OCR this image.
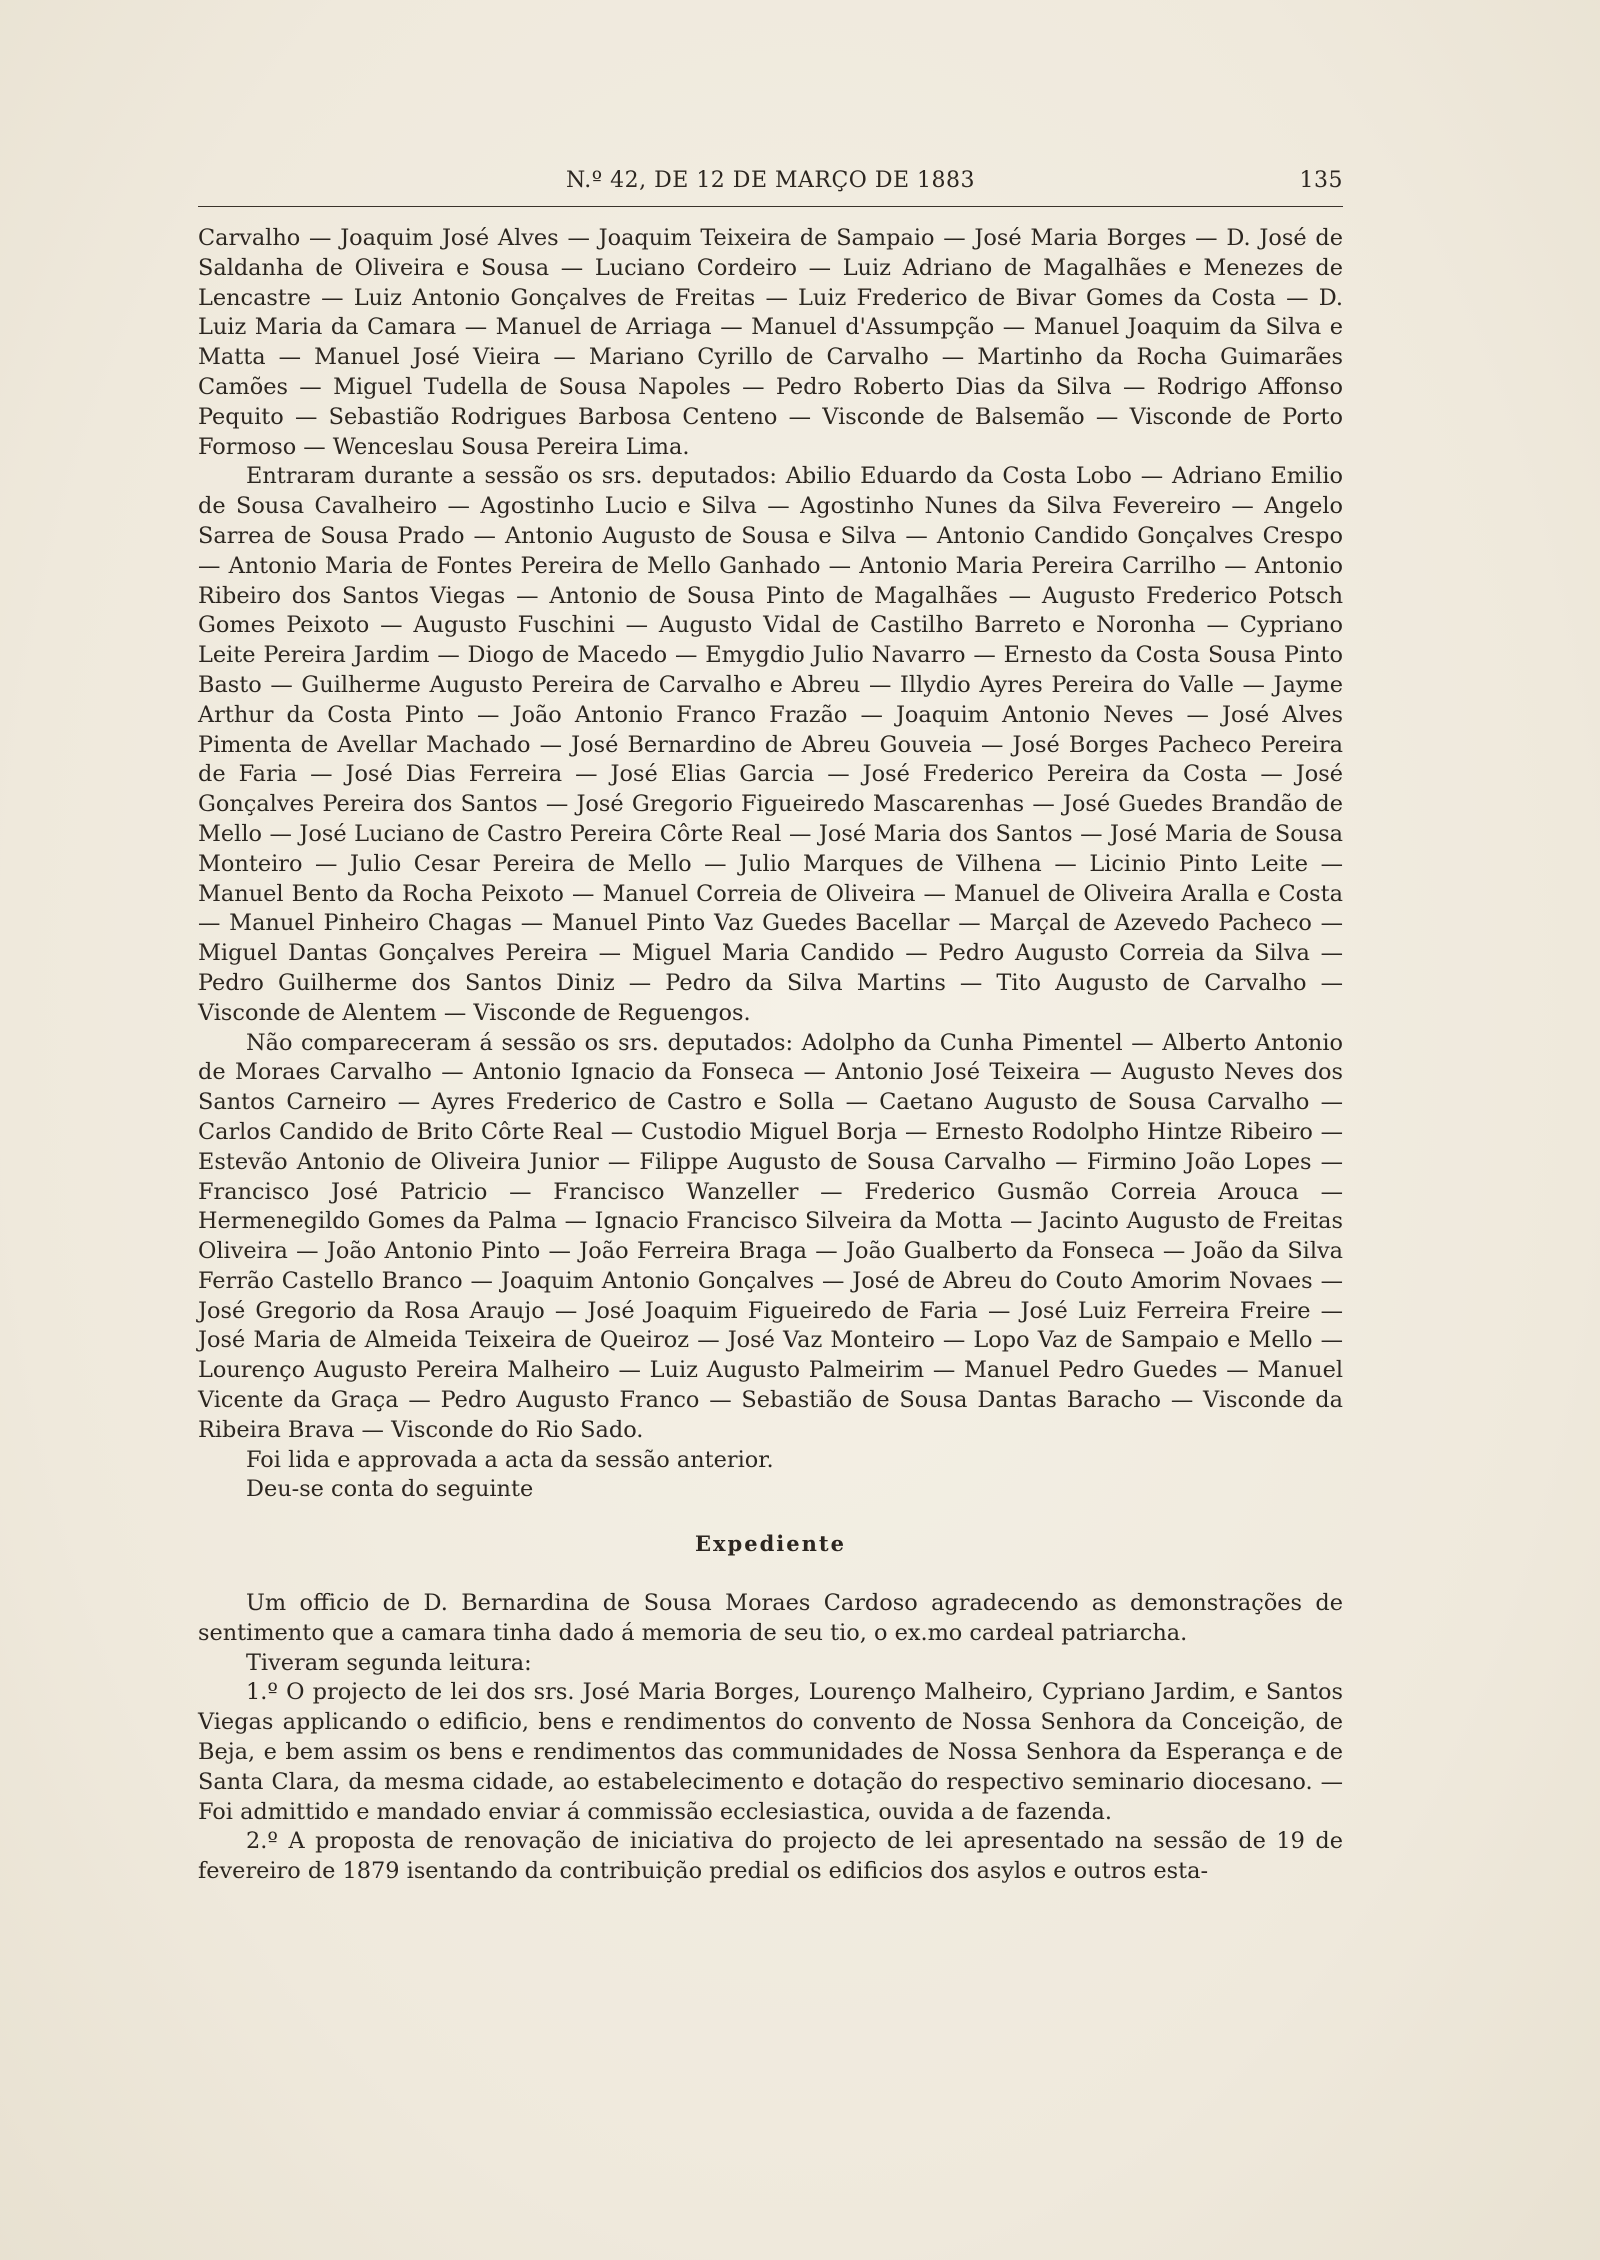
N.º 42, DE 12 DE MARÇO DE 1883	135

Carvalho — Joaquim José Alves — Joaquim Teixeira de Sampaio — José Maria Borges — D. José de Saldanha de Oliveira e Sousa — Luciano Cordeiro — Luiz Adriano de Magalhães e Menezes de Lencastre — Luiz Antonio Gonçalves de Freitas — Luiz Frederico de Bivar Gomes da Costa — D. Luiz Maria da Camara — Manuel de Arriaga — Manuel d'Assumpção — Manuel Joaquim da Silva e Matta — Manuel José Vieira — Mariano Cyrillo de Carvalho — Martinho da Rocha Guimarães Camões — Miguel Tudella de Sousa Napoles — Pedro Roberto Dias da Silva — Rodrigo Affonso Pequito — Sebastião Rodrigues Barbosa Centeno — Visconde de Balsemão — Visconde de Porto Formoso — Wenceslau Sousa Pereira Lima.

Entraram durante a sessão os srs. deputados: Abilio Eduardo da Costa Lobo — Adriano Emilio de Sousa Cavalheiro — Agostinho Lucio e Silva — Agostinho Nunes da Silva Fevereiro — Angelo Sarrea de Sousa Prado — Antonio Augusto de Sousa e Silva — Antonio Candido Gonçalves Crespo — Antonio Maria de Fontes Pereira de Mello Ganhado — Antonio Maria Pereira Carrilho — Antonio Ribeiro dos Santos Viegas — Antonio de Sousa Pinto de Magalhães — Augusto Frederico Potsch Gomes Peixoto — Augusto Fuschini — Augusto Vidal de Castilho Barreto e Noronha — Cypriano Leite Pereira Jardim — Diogo de Macedo — Emygdio Julio Navarro — Ernesto da Costa Sousa Pinto Basto — Guilherme Augusto Pereira de Carvalho e Abreu — Illydio Ayres Pereira do Valle — Jayme Arthur da Costa Pinto — João Antonio Franco Frazão — Joaquim Antonio Neves — José Alves Pimenta de Avellar Machado — José Bernardino de Abreu Gouveia — José Borges Pacheco Pereira de Faria — José Dias Ferreira — José Elias Garcia — José Frederico Pereira da Costa — José Gonçalves Pereira dos Santos — José Gregorio Figueiredo Mascarenhas — José Guedes Brandão de Mello — José Luciano de Castro Pereira Côrte Real — José Maria dos Santos — José Maria de Sousa Monteiro — Julio Cesar Pereira de Mello — Julio Marques de Vilhena — Licinio Pinto Leite — Manuel Bento da Rocha Peixoto — Manuel Correia de Oliveira — Manuel de Oliveira Aralla e Costa — Manuel Pinheiro Chagas — Manuel Pinto Vaz Guedes Bacellar — Marçal de Azevedo Pacheco — Miguel Dantas Gonçalves Pereira — Miguel Maria Candido — Pedro Augusto Correia da Silva — Pedro Guilherme dos Santos Diniz — Pedro da Silva Martins — Tito Augusto de Carvalho — Visconde de Alentem — Visconde de Reguengos.

Não compareceram á sessão os srs. deputados: Adolpho da Cunha Pimentel — Alberto Antonio de Moraes Carvalho — Antonio Ignacio da Fonseca — Antonio José Teixeira — Augusto Neves dos Santos Carneiro — Ayres Frederico de Castro e Solla — Caetano Augusto de Sousa Carvalho — Carlos Candido de Brito Côrte Real — Custodio Miguel Borja — Ernesto Rodolpho Hintze Ribeiro — Estevão Antonio de Oliveira Junior — Filippe Augusto de Sousa Carvalho — Firmino João Lopes — Francisco José Patricio — Francisco Wanzeller — Frederico Gusmão Correia Arouca — Hermenegildo Gomes da Palma — Ignacio Francisco Silveira da Motta — Jacinto Augusto de Freitas Oliveira — João Antonio Pinto — João Ferreira Braga — João Gualberto da Fonseca — João da Silva Ferrão Castello Branco — Joaquim Antonio Gonçalves — José de Abreu do Couto Amorim Novaes — José Gregorio da Rosa Araujo — José Joaquim Figueiredo de Faria — José Luiz Ferreira Freire — José Maria de Almeida Teixeira de Queiroz — José Vaz Monteiro — Lopo Vaz de Sampaio e Mello — Lourenço Augusto Pereira Malheiro — Luiz Augusto Palmeirim — Manuel Pedro Guedes — Manuel Vicente da Graça — Pedro Augusto Franco — Sebastião de Sousa Dantas Baracho — Visconde da Ribeira Brava — Visconde do Rio Sado.

Foi lida e approvada a acta da sessão anterior.

Deu-se conta do seguinte

Expediente

Um officio de D. Bernardina de Sousa Moraes Cardoso agradecendo as demonstrações de sentimento que a camara tinha dado á memoria de seu tio, o ex.mo cardeal patriarcha.

Tiveram segunda leitura:

1.º O projecto de lei dos srs. José Maria Borges, Lourenço Malheiro, Cypriano Jardim, e Santos Viegas applicando o edificio, bens e rendimentos do convento de Nossa Senhora da Conceição, de Beja, e bem assim os bens e rendimentos das communidades de Nossa Senhora da Esperança e de Santa Clara, da mesma cidade, ao estabelecimento e dotação do respectivo seminario diocesano. — Foi admittido e mandado enviar á commissão ecclesiastica, ouvida a de fazenda.

2.º A proposta de renovação de iniciativa do projecto de lei apresentado na sessão de 19 de fevereiro de 1879 isentando da contribuição predial os edificios dos asylos e outros esta-
